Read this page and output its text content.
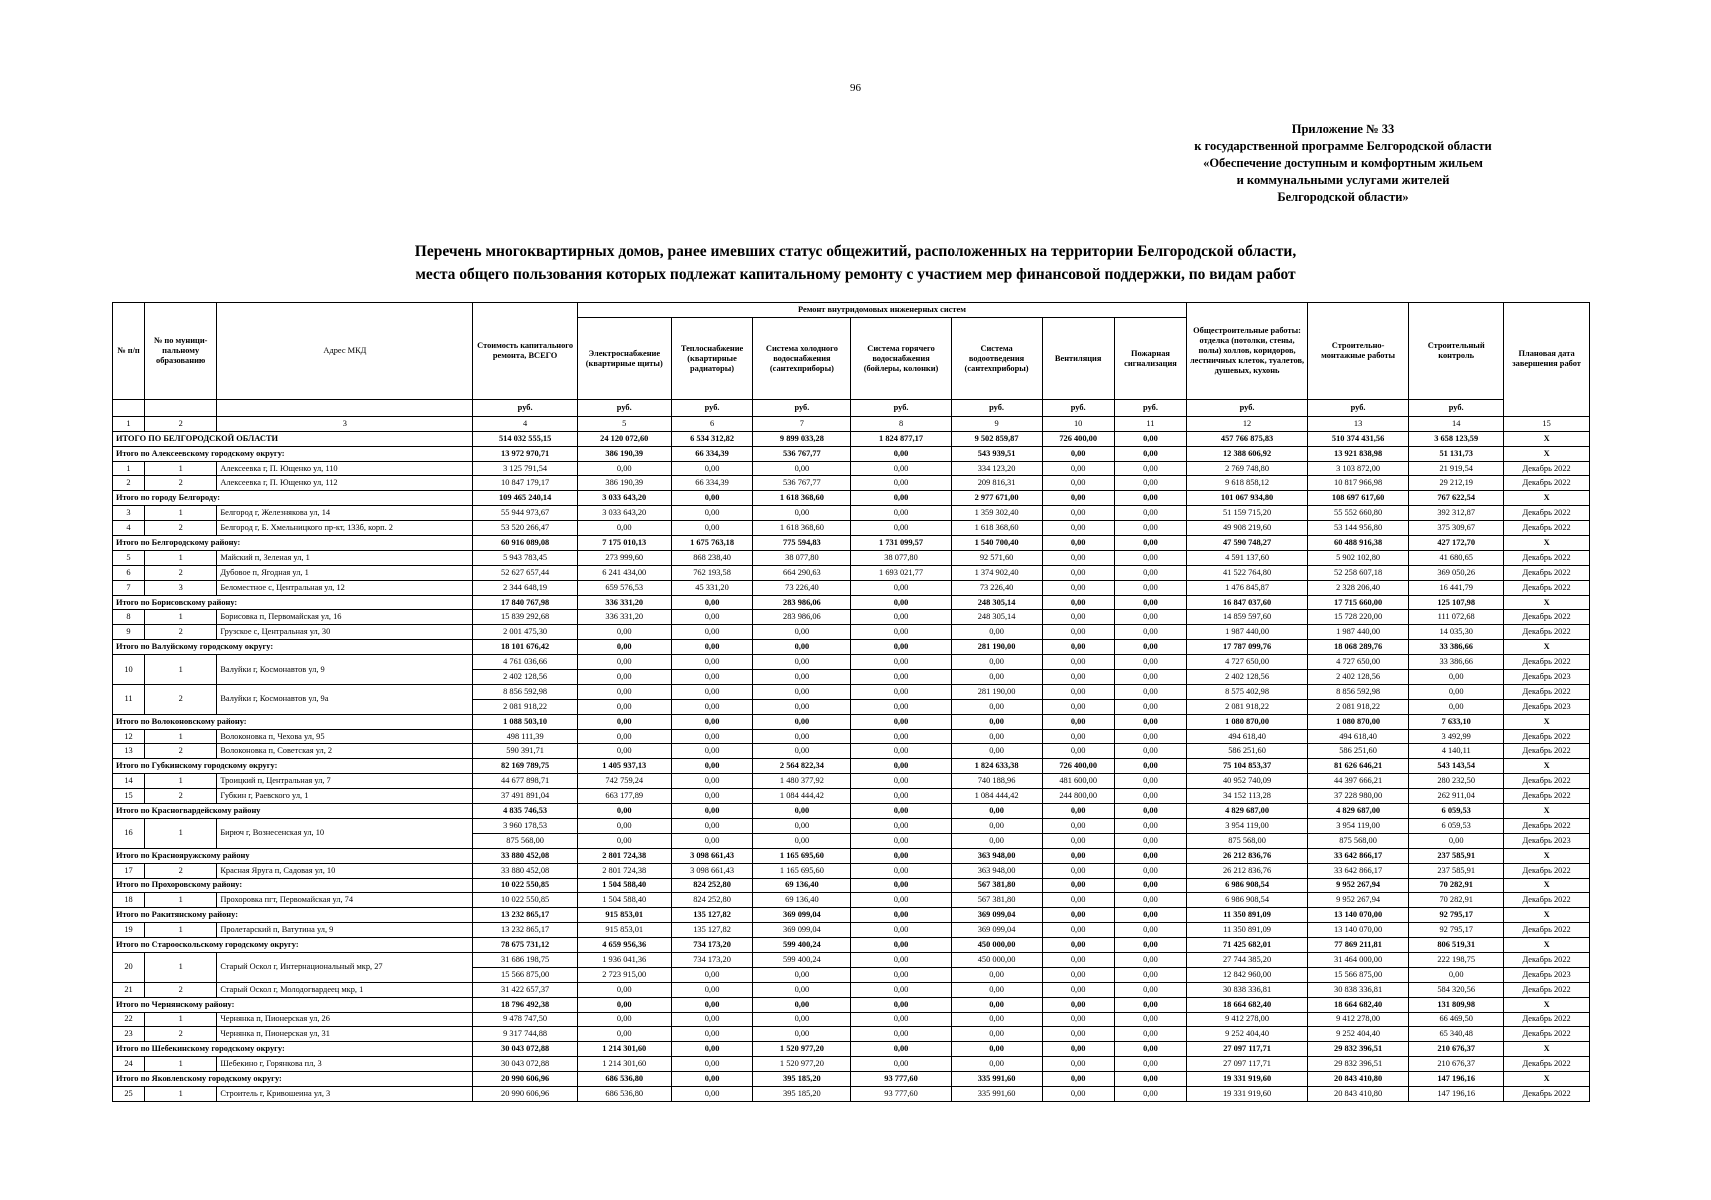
96
Приложение № 33
к государственной программе Белгородской области
«Обеспечение доступным и комфортным жильем
и коммунальными услугами жителей
Белгородской области»
Перечень многоквартирных домов, ранее имевших статус общежитий, расположенных на территории Белгородской области,
места общего пользования которых подлежат капитальному ремонту с участием мер финансовой поддержки, по видам работ
№ п/п	№ по муници-пальному образованию	Адрес МКД	Стоимость капитального ремонта, ВСЕГО	Ремонт внутридомовых инженерных систем							Общестроительные работы: отделка (потолки, стены, полы) холлов, коридоров, лестничных клеток, туалетов, душевых, кухонь	Строительно-монтажные работы	Строительный контроль	Плановая дата завершения работ
				Электроснабжение (квартирные щиты)	Теплоснабжение (квартирные радиаторы)	Система холодного водоснабжения (сантехприборы)	Система горячего водоснабжения (бойлеры, колонки)	Система водоотведения (сантехприборы)	Вентиляция	Пожарная сигнализация				
			руб.	руб.	руб.	руб.	руб.	руб.	руб.	руб.	руб.	руб.	руб.	
1	2	3	4	5	6	7	8	9	10	11	12	13	14	15
ИТОГО ПО БЕЛГОРОДСКОЙ ОБЛАСТИ			514 032 555,15	24 120 072,60	6 534 312,82	9 899 033,28	1 824 877,17	9 502 859,87	726 400,00	0,00	457 766 875,83	510 374 431,56	3 658 123,59	X
Итого по Алексеевскому городскому округу:			13 972 970,71	386 190,39	66 334,39	536 767,77	0,00	543 939,51	0,00	0,00	12 388 606,92	13 921 838,98	51 131,73	X
1	1	Алексеевка г, П. Ющенко ул, 110	3 125 791,54	0,00	0,00	0,00	0,00	334 123,20	0,00	0,00	2 769 748,80	3 103 872,00	21 919,54	Декабрь 2022
2	2	Алексеевка г, П. Ющенко ул, 112	10 847 179,17	386 190,39	66 334,39	536 767,77	0,00	209 816,31	0,00	0,00	9 618 858,12	10 817 966,98	29 212,19	Декабрь 2022
Итого по городу Белгороду:			109 465 240,14	3 033 643,20	0,00	1 618 368,60	0,00	2 977 671,00	0,00	0,00	101 067 934,80	108 697 617,60	767 622,54	X
3	1	Белгород г, Железнякова ул, 14	55 944 973,67	3 033 643,20	0,00	0,00	0,00	1 359 302,40	0,00	0,00	51 159 715,20	55 552 660,80	392 312,87	Декабрь 2022
4	2	Белгород г, Б. Хмельницкого пр-кт, 133б, корп. 2	53 520 266,47	0,00	0,00	1 618 368,60	0,00	1 618 368,60	0,00	0,00	49 908 219,60	53 144 956,80	375 309,67	Декабрь 2022
Итого по Белгородскому району:			60 916 089,08	7 175 010,13	1 675 763,18	775 594,83	1 731 099,57	1 540 700,40	0,00	0,00	47 590 748,27	60 488 916,38	427 172,70	X
5	1	Майский п, Зеленая ул, 1	5 943 783,45	273 999,60	868 238,40	38 077,80	38 077,80	92 571,60	0,00	0,00	4 591 137,60	5 902 102,80	41 680,65	Декабрь 2022
6	2	Дубовое п, Ягодная ул, 1	52 627 657,44	6 241 434,00	762 193,58	664 290,63	1 693 021,77	1 374 902,40	0,00	0,00	41 522 764,80	52 258 607,18	369 050,26	Декабрь 2022
7	3	Беломестное с, Центральная ул, 12	2 344 648,19	659 576,53	45 331,20	73 226,40	0,00	73 226,40	0,00	0,00	1 476 845,87	2 328 206,40	16 441,79	Декабрь 2022
Итого по Борисовскому району:			17 840 767,98	336 331,20	0,00	283 986,06	0,00	248 305,14	0,00	0,00	16 847 037,60	17 715 660,00	125 107,98	X
8	1	Борисовка п, Первомайская ул, 16	15 839 292,68	336 331,20	0,00	283 986,06	0,00	248 305,14	0,00	0,00	14 859 597,60	15 728 220,00	111 072,68	Декабрь 2022
9	2	Грузское с, Центральная ул, 30	2 001 475,30	0,00	0,00	0,00	0,00	0,00	0,00	0,00	1 987 440,00	1 987 440,00	14 035,30	Декабрь 2022
Итого по Валуйскому городскому округу:			18 101 676,42	0,00	0,00	0,00	0,00	281 190,00	0,00	0,00	17 787 099,76	18 068 289,76	33 386,66	X
10	1	Валуйки г, Космонавтов ул, 9	4 761 036,66	0,00	0,00	0,00	0,00	0,00	0,00	0,00	4 727 650,00	4 727 650,00	33 386,66	Декабрь 2022
			2 402 128,56	0,00	0,00	0,00	0,00	0,00	0,00	0,00	2 402 128,56	2 402 128,56	0,00	Декабрь 2023
11	2	Валуйки г, Космонавтов ул, 9а	8 856 592,98	0,00	0,00	0,00	0,00	281 190,00	0,00	0,00	8 575 402,98	8 856 592,98	0,00	Декабрь 2022
			2 081 918,22	0,00	0,00	0,00	0,00	0,00	0,00	0,00	2 081 918,22	2 081 918,22	0,00	Декабрь 2023
Итого по Волоконовскому району:			1 088 503,10	0,00	0,00	0,00	0,00	0,00	0,00	0,00	1 080 870,00	1 080 870,00	7 633,10	X
12	1	Волоконовка п, Чехова ул, 95	498 111,39	0,00	0,00	0,00	0,00	0,00	0,00	0,00	494 618,40	494 618,40	3 492,99	Декабрь 2022
13	2	Волоконовка п, Советская ул, 2	590 391,71	0,00	0,00	0,00	0,00	0,00	0,00	0,00	586 251,60	586 251,60	4 140,11	Декабрь 2022
Итого по Губкинскому городскому округу:			82 169 789,75	1 405 937,13	0,00	2 564 822,34	0,00	1 824 633,38	726 400,00	0,00	75 104 853,37	81 626 646,21	543 143,54	X
14	1	Троицкий п, Центральная ул, 7	44 677 898,71	742 759,24	0,00	1 480 377,92	0,00	740 188,96	481 600,00	0,00	40 952 740,09	44 397 666,21	280 232,50	Декабрь 2022
15	2	Губкин г, Раевского ул, 1	37 491 891,04	663 177,89	0,00	1 084 444,42	0,00	1 084 444,42	244 800,00	0,00	34 152 113,28	37 228 980,00	262 911,04	Декабрь 2022
Итого по Красногвардейскому району			4 835 746,53	0,00	0,00	0,00	0,00	0,00	0,00	0,00	4 829 687,00	4 829 687,00	6 059,53	X
16	1	Бирюч г, Вознесенская ул, 10	3 960 178,53	0,00	0,00	0,00	0,00	0,00	0,00	0,00	3 954 119,00	3 954 119,00	6 059,53	Декабрь 2022
			875 568,00	0,00	0,00	0,00	0,00	0,00	0,00	0,00	875 568,00	875 568,00	0,00	Декабрь 2023
Итого по Краснояружскому району			33 880 452,08	2 801 724,38	3 098 661,43	1 165 695,60	0,00	363 948,00	0,00	0,00	26 212 836,76	33 642 866,17	237 585,91	X
17	2	Красная Яруга п, Садовая ул, 10	33 880 452,08	2 801 724,38	3 098 661,43	1 165 695,60	0,00	363 948,00	0,00	0,00	26 212 836,76	33 642 866,17	237 585,91	Декабрь 2022
Итого по Прохоровскому району:			10 022 550,85	1 504 588,40	824 252,80	69 136,40	0,00	567 381,80	0,00	0,00	6 986 908,54	9 952 267,94	70 282,91	X
18	1	Прохоровка пгт, Первомайская ул, 74	10 022 550,85	1 504 588,40	824 252,80	69 136,40	0,00	567 381,80	0,00	0,00	6 986 908,54	9 952 267,94	70 282,91	Декабрь 2022
Итого по Ракитянскому району:			13 232 865,17	915 853,01	135 127,82	369 099,04	0,00	369 099,04	0,00	0,00	11 350 891,09	13 140 070,00	92 795,17	X
19	1	Пролетарский п, Ватутина ул, 9	13 232 865,17	915 853,01	135 127,82	369 099,04	0,00	369 099,04	0,00	0,00	11 350 891,09	13 140 070,00	92 795,17	Декабрь 2022
Итого по Старооскольскому городскому округу:			78 675 731,12	4 659 956,36	734 173,20	599 400,24	0,00	450 000,00	0,00	0,00	71 425 682,01	77 869 211,81	806 519,31	X
20	1	Старый Оскол г, Интернациональный мкр, 27	31 686 198,75	1 936 041,36	734 173,20	599 400,24	0,00	450 000,00	0,00	0,00	27 744 385,20	31 464 000,00	222 198,75	Декабрь 2022
			15 566 875,00	2 723 915,00	0,00	0,00	0,00	0,00	0,00	0,00	12 842 960,00	15 566 875,00	0,00	Декабрь 2023
21	2	Старый Оскол г, Молодогвардеец мкр, 1	31 422 657,37	0,00	0,00	0,00	0,00	0,00	0,00	0,00	30 838 336,81	30 838 336,81	584 320,56	Декабрь 2022
Итого по Чернянскому району:			18 796 492,38	0,00	0,00	0,00	0,00	0,00	0,00	0,00	18 664 682,40	18 664 682,40	131 809,98	X
22	1	Чернянка п, Пионерская ул, 26	9 478 747,50	0,00	0,00	0,00	0,00	0,00	0,00	0,00	9 412 278,00	9 412 278,00	66 469,50	Декабрь 2022
23	2	Чернянка п, Пионерская ул, 31	9 317 744,88	0,00	0,00	0,00	0,00	0,00	0,00	0,00	9 252 404,40	9 252 404,40	65 340,48	Декабрь 2022
Итого по Шебекинскому городскому округу:			30 043 072,88	1 214 301,60	0,00	1 520 977,20	0,00	0,00	0,00	0,00	27 097 117,71	29 832 396,51	210 676,37	X
24	1	Шебекино г, Горянкова пл, 3	30 043 072,88	1 214 301,60	0,00	1 520 977,20	0,00	0,00	0,00	0,00	27 097 117,71	29 832 396,51	210 676,37	Декабрь 2022
Итого по Яковлевскому городскому округу:			20 990 606,96	686 536,80	0,00	395 185,20	93 777,60	335 991,60	0,00	0,00	19 331 919,60	20 843 410,80	147 196,16	X
25	1	Строитель г, Кривошеина ул, 3	20 990 606,96	686 536,80	0,00	395 185,20	93 777,60	335 991,60	0,00	0,00	19 331 919,60	20 843 410,80	147 196,16	Декабрь 2022
